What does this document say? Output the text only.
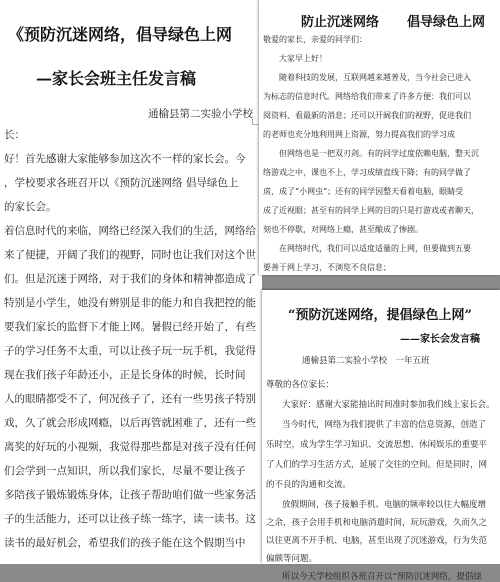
《预防沉迷网络，倡导绿色上网
—家长会班主任发言稿
通榆县第二实验小学校
长：
好！首先感谢大家能够参加这次不一样的家长会。今
，学校要求各班召开以《预防沉迷网络 倡导绿色上
的家长会。
着信息时代的来临，网络已经深入我们的生活，网络给
来了便捷，开阔了我们的视野，同时也让我们对这个世
们。但是沉迷于网络，对于我们的身体和精神都造成了
特别是小学生，她没有辨别是非的能力和自我把控的能
要我们家长的监督下才能上网。暑假已经开始了，有些
子的学习任务不太重，可以让孩子玩一玩手机，我觉得
现在我们孩子年龄还小，正是长身体的时候，长时间
人的眼睛都受不了，何况孩子了，还有一些男孩子特别
戏，久了就会形成网瘾，以后再管就困难了，还有一些
离奖的好玩的小视频，我觉得那些都是对孩子没有任何
们会学到一点知识，所以我们家长，尽量不要让孩子
多陪孩子锻炼锻炼身体，让孩子帮助咱们做一些家务活
子的生活能力，还可以让孩子练一练字，读一读书。这
读书的最好机会，希望我们的孩子能在这个假期当中
防止沉迷网络 倡导绿色上网
敬爱的家长，亲爱的同学们：
大家早上好！
随着科技的发展，互联网越来越普及，当今社会已进入
为标志的信息时代。网络给我们带来了许多方便：我们可以
阅资料、看最新的消息；还可以开阔我们的视野，促进我们
的老师也充分地利用网上资源，努力提高我们的学习成
但网络也是一把双刃剑。有的同学过度依赖电脑，整天沉
络游戏之中，课也不上，学习成绩直线下降；有的同学做了
虏，成了“小网虫”；还有的同学因整天看着电脑，眼睛受
成了近视眼；甚至有的同学上网的目的只是打游戏或者聊天，
刻也不停歇，对网络上瘾，甚至酿成了惨剧。
在网络时代，我们可以适度适量的上网，但要做到五要
要善于网上学习，不浏览不良信息；
“预防沉迷网络，提倡绿色上网”
——家长会发言稿
通榆县第二实验小学校　一年五班
尊敬的各位家长：
大家好：感谢大家能抽出时间准时参加我们线上家长会。
当今时代，网络为我们提供了丰富的信息资源，创造了
乐时空，成为学生学习知识、交流思想、休闲娱乐的重要平
了人们的学习生活方式，延展了交往的空间。但是同时，网
的不良的沟通和交流。
放假期间，孩子接触手机、电脑的频率较以往大幅度增
之余，孩子会用手机和电脑消遣时间，玩玩游戏，久而久之
以往更离不开手机、电脑，甚至出现了沉迷游戏，行为失范
偏颇等问题。
所以今天学校组织各班召开以“预防沉迷网络，提倡绿
